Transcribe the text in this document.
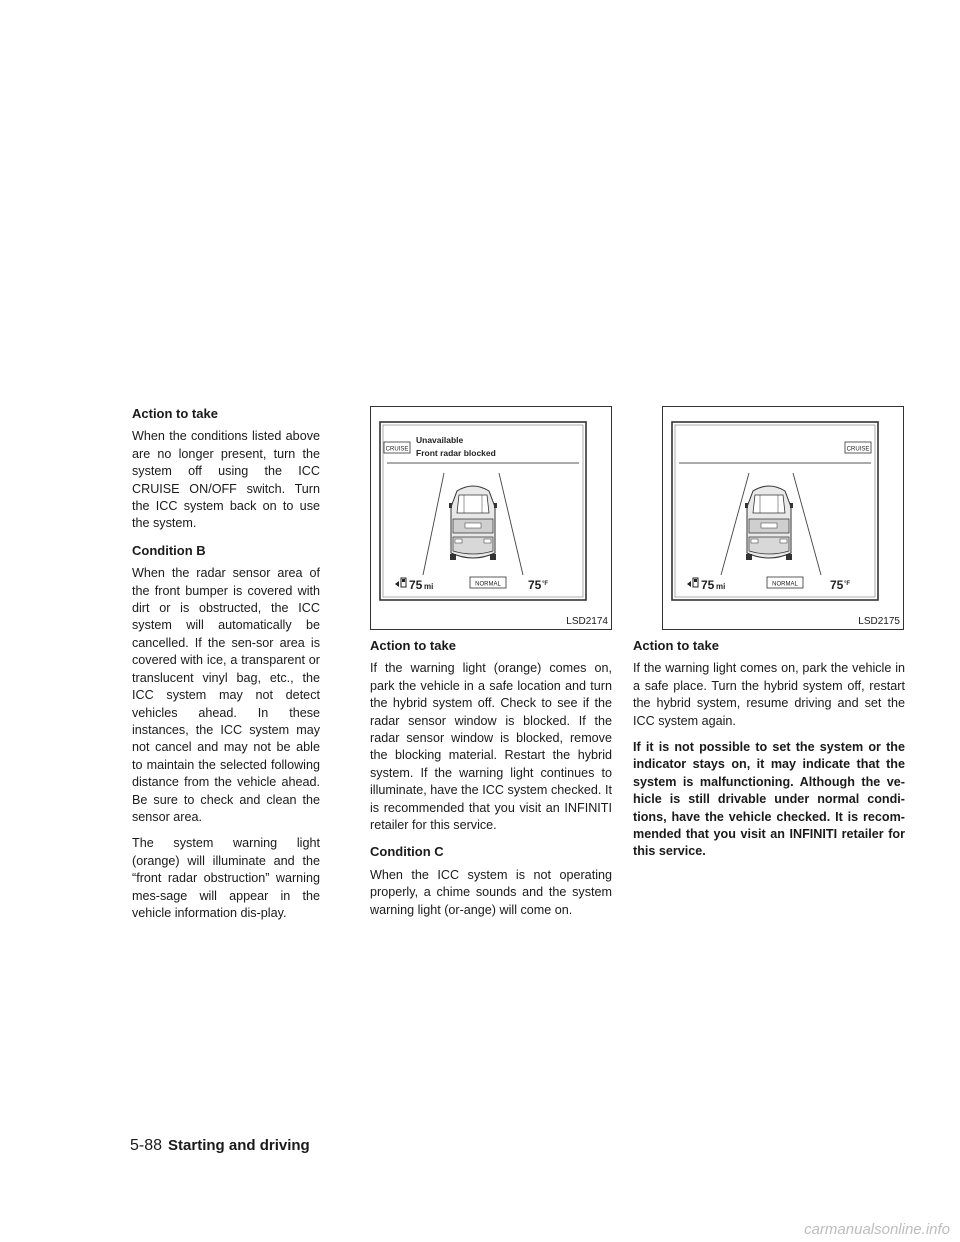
Action to take

When the conditions listed above are no longer present, turn the system off using the ICC CRUISE ON/OFF switch. Turn the ICC system back on to use the system.

Condition B

When the radar sensor area of the front bumper is covered with dirt or is obstructed, the ICC system will automatically be cancelled. If the sen-sor area is covered with ice, a transparent or translucent vinyl bag, etc., the ICC system may not detect vehicles ahead. In these instances, the ICC system may not cancel and may not be able to maintain the selected following distance from the vehicle ahead. Be sure to check and clean the sensor area.

The system warning light (orange) will illuminate and the “front radar obstruction” warning mes-sage will appear in the vehicle information dis-play.

CRUISE
Unavailable
Front radar blocked
75 mi	NORMAL 75 °F
LSD2174
CRUISE
75 mi	NORMAL	75 °F
LSD2175
Action to take

If the warning light (orange) comes on, park the vehicle in a safe location and turn the hybrid system off. Check to see if the radar sensor window is blocked. If the radar sensor window is blocked, remove the blocking material. Restart the hybrid system. If the warning light continues to illuminate, have the ICC system checked. It is recommended that you visit an INFINITI retailer for this service.

Condition C

When the ICC system is not operating properly, a chime sounds and the system warning light (or-ange) will come on.

Action to take

If the warning light comes on, park the vehicle in a safe place. Turn the hybrid system off, restart the hybrid system, resume driving and set the ICC system again.

If it is not possible to set the system or the indicator stays on, it may indicate that the system is malfunctioning. Although the ve-hicle is still drivable under normal condi-tions, have the vehicle checked. It is recom-mended that you visit an INFINITI retailer for this service.

5-88 Starting and driving
carmanualsonline.info
